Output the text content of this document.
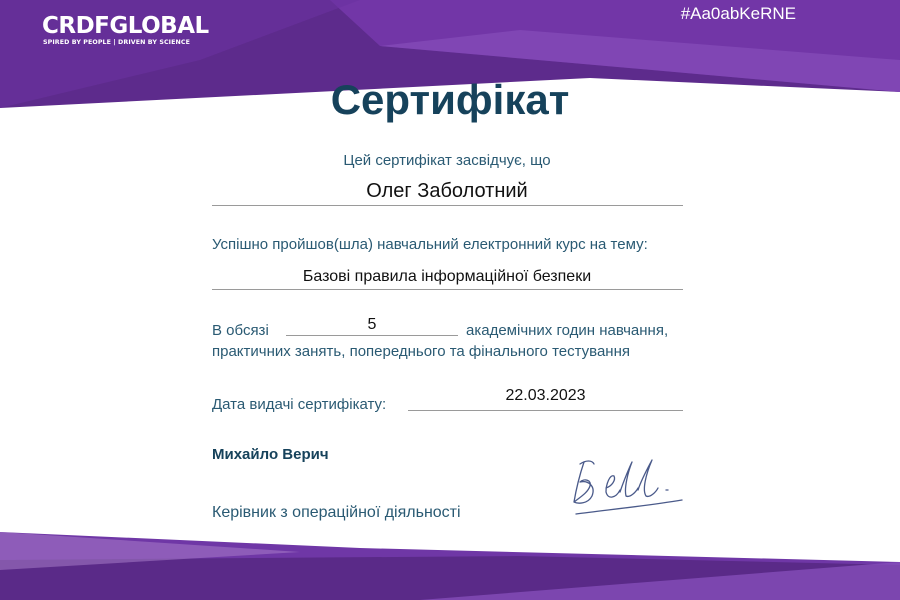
CRDFGLOBAL
SPIRED BY PEOPLE | DRIVEN BY SCIENCE
#Aa0abKeRNE
Сертифікат
Цей сертифікат засвідчує, що
Олег Заболотний
Успішно пройшов(шла) навчальний електронний курс на тему:
Базові правила інформаційної безпеки
В обсязі	5	академічних годин навчання,
практичних занять, попереднього та фінального тестування
Дата видачі сертифікату:
22.03.2023
Михайло Верич
Керівник з операційної діяльності
